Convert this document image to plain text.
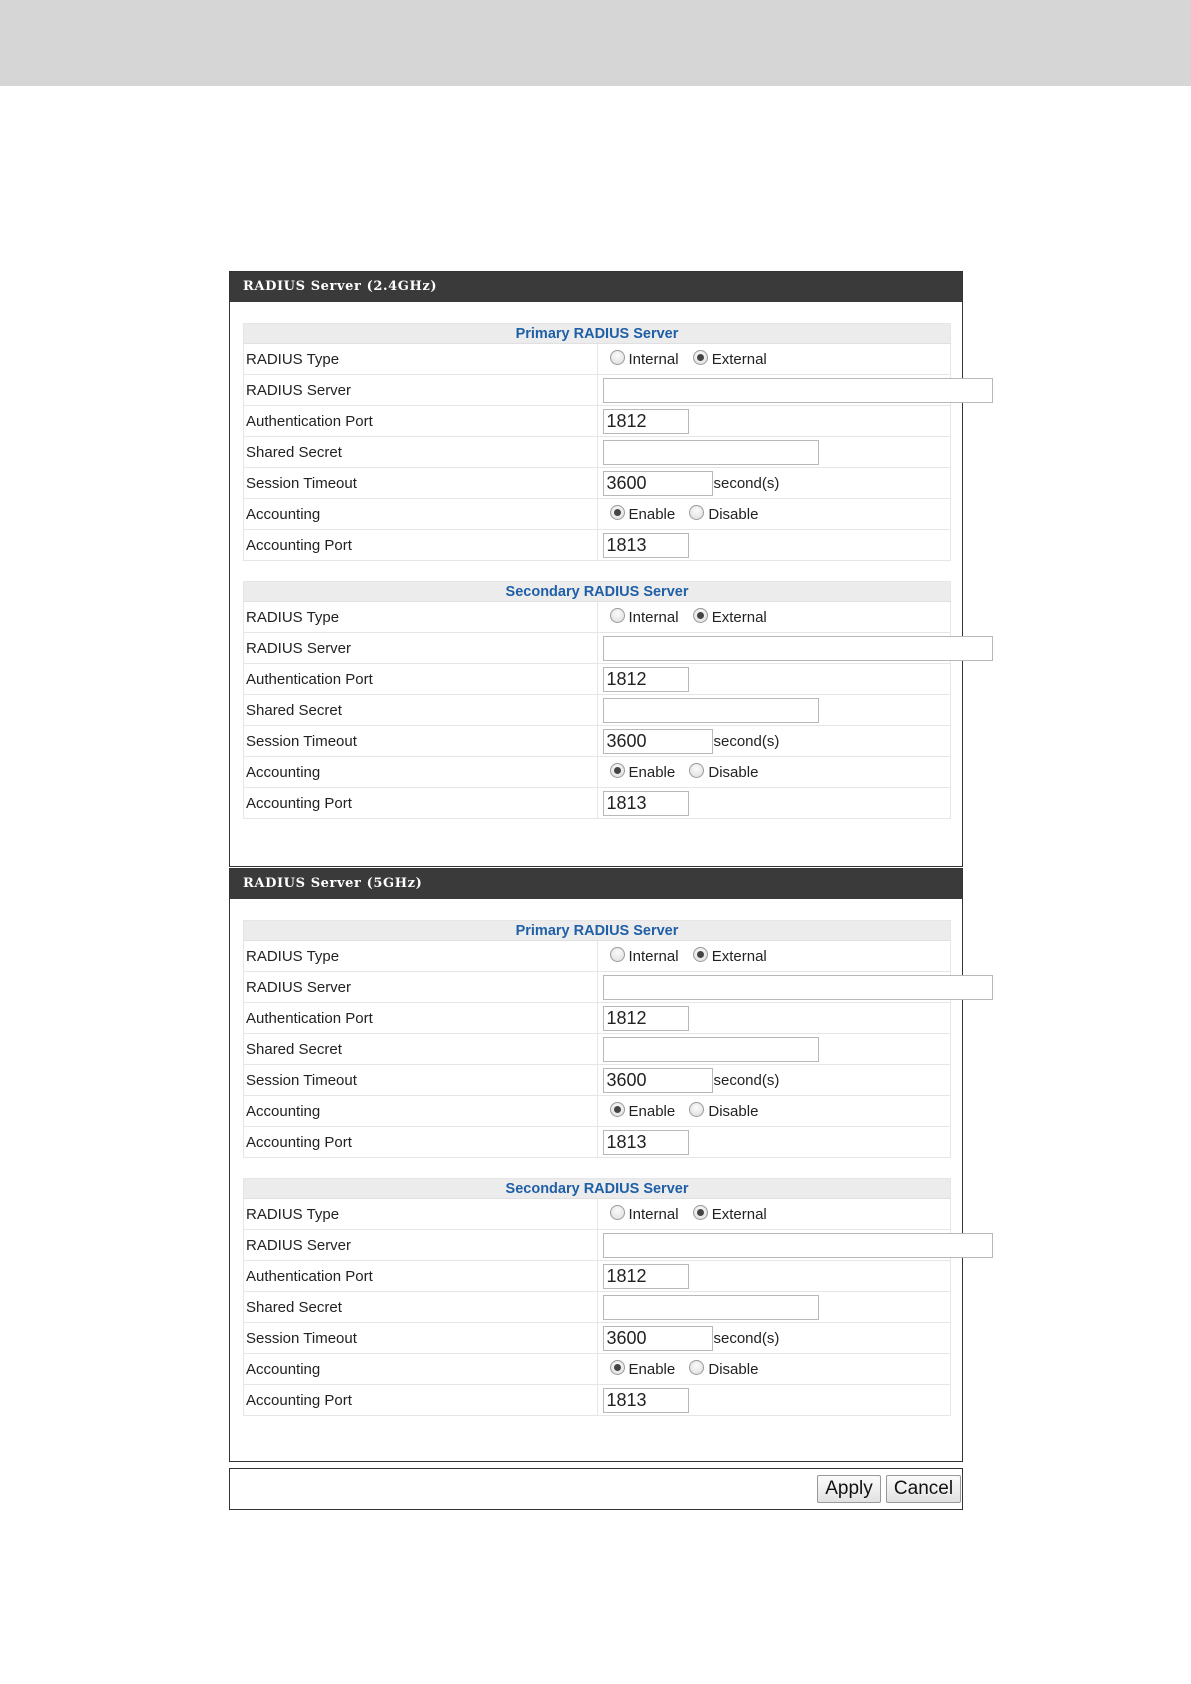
RADIUS Server (2.4GHz)
Primary RADIUS Server	
RADIUS Type	Internal External
RADIUS Server	
Authentication Port	1812
Shared Secret	
Session Timeout	3600 second(s)
Accounting	Enable Disable
Accounting Port	1813
Secondary RADIUS Server	
RADIUS Type	Internal External
RADIUS Server	
Authentication Port	1812
Shared Secret	
Session Timeout	3600 second(s)
Accounting	Enable Disable
Accounting Port	1813
RADIUS Server (5GHz)
Primary RADIUS Server	
RADIUS Type	Internal External
RADIUS Server	
Authentication Port	1812
Shared Secret	
Session Timeout	3600 second(s)
Accounting	Enable Disable
Accounting Port	1813
Secondary RADIUS Server	
RADIUS Type	Internal External
RADIUS Server	
Authentication Port	1812
Shared Secret	
Session Timeout	3600 second(s)
Accounting	Enable Disable
Accounting Port	1813
Apply	Cancel
